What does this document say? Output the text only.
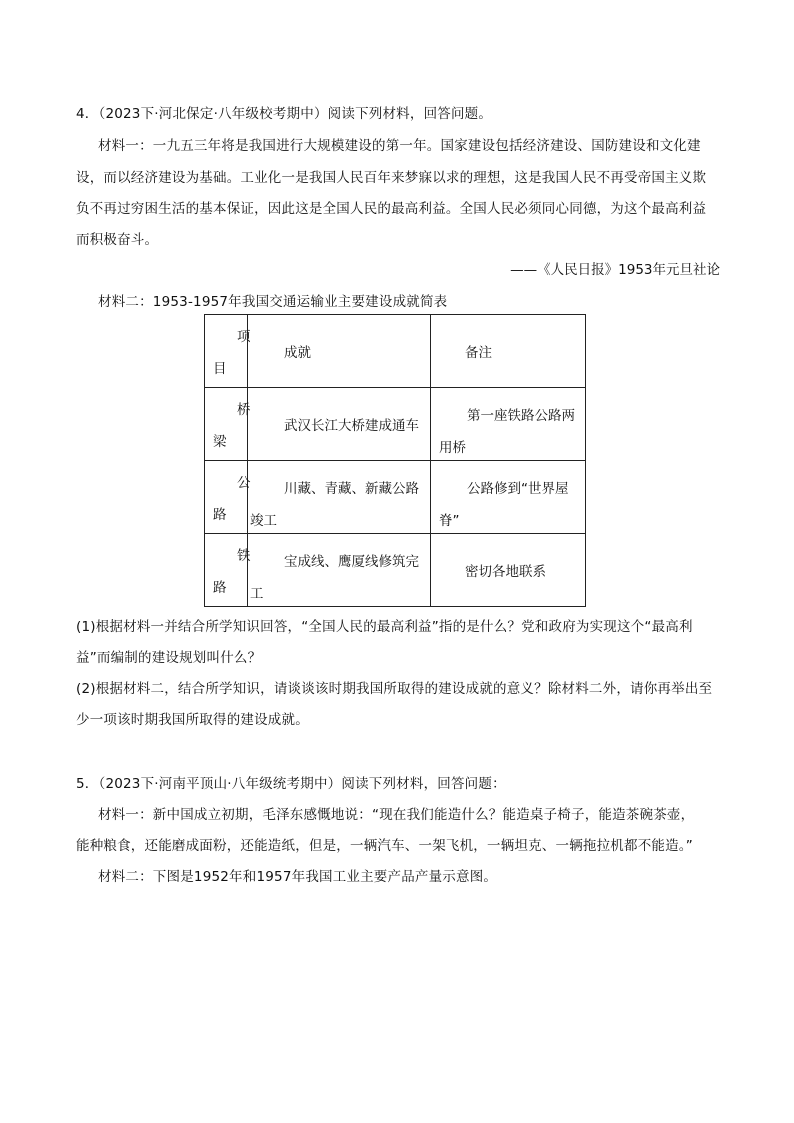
4．（2023下·河北保定·八年级校考期中）阅读下列材料，回答问题。
材料一：一九五三年将是我国进行大规模建设的第一年。国家建设包括经济建设、国防建设和文化建
设，而以经济建设为基础。工业化一是我国人民百年来梦寐以求的理想，这是我国人民不再受帝国主义欺
负不再过穷困生活的基本保证，因此这是全国人民的最高利益。全国人民必须同心同德，为这个最高利益
而积极奋斗。
——《人民日报》1953年元旦社论
材料二：1953-1957年我国交通运输业主要建设成就简表
项
目	成就	备注

桥
梁	武汉长江大桥建成通车	第一座铁路公路两用桥

公
路	川藏、青藏、新藏公路竣工	公路修到“世界屋脊”

铁
路	宝成线、鹰厦线修筑完工	密切各地联系
(1)根据材料一并结合所学知识回答，“全国人民的最高利益”指的是什么？党和政府为实现这个“最高利
益”而编制的建设规划叫什么？
(2)根据材料二，结合所学知识，请谈谈该时期我国所取得的建设成就的意义？除材料二外，请你再举出至
少一项该时期我国所取得的建设成就。
5．（2023下·河南平顶山·八年级统考期中）阅读下列材料，回答问题：
材料一：新中国成立初期，毛泽东感慨地说：“现在我们能造什么？能造桌子椅子，能造茶碗茶壶，
能种粮食，还能磨成面粉，还能造纸，但是，一辆汽车、一架飞机，一辆坦克、一辆拖拉机都不能造。”
材料二：下图是1952年和1957年我国工业主要产品产量示意图。
